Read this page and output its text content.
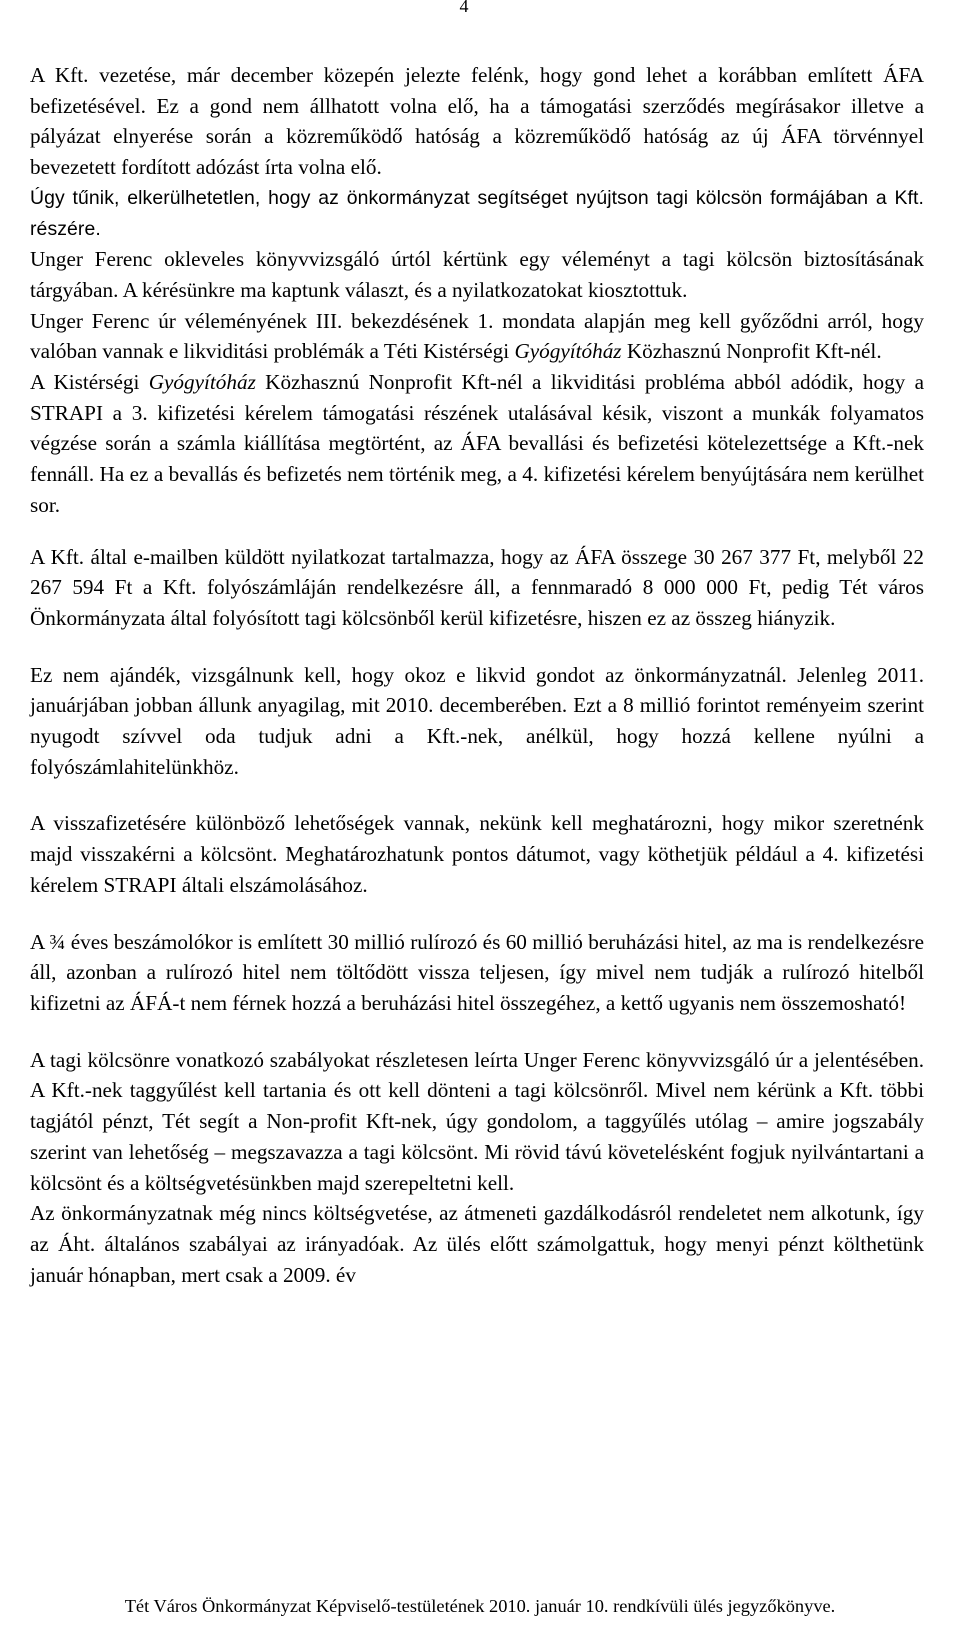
4

A Kft. vezetése, már december közepén jelezte felénk, hogy gond lehet a korábban említett ÁFA befizetésével. Ez a gond nem állhatott volna elő, ha a támogatási szerződés megírásakor illetve a pályázat elnyerése során a közreműködő hatóság a közreműködő hatóság az új ÁFA törvénnyel bevezetett fordított adózást írta volna elő.

Úgy tűnik, elkerülhetetlen, hogy az önkormányzat segítséget nyújtson tagi kölcsön formájában a Kft. részére.

Unger Ferenc okleveles könyvvizsgáló úrtól kértünk egy véleményt a tagi kölcsön biztosításának tárgyában. A kérésünkre ma kaptunk választ, és a nyilatkozatokat kiosztottuk.

Unger Ferenc úr véleményének III. bekezdésének 1. mondata alapján meg kell győződni arról, hogy valóban vannak e likviditási problémák a Téti Kistérségi Gyógyítóház Közhasznú Nonprofit Kft-nél.

A Kistérségi Gyógyítóház Közhasznú Nonprofit Kft-nél a likviditási probléma abból adódik, hogy a STRAPI a 3. kifizetési kérelem támogatási részének utalásával késik, viszont a munkák folyamatos végzése során a számla kiállítása megtörtént, az ÁFA bevallási és befizetési kötelezettsége a Kft.-nek fennáll. Ha ez a bevallás és befizetés nem történik meg, a 4. kifizetési kérelem benyújtására nem kerülhet sor.

A Kft. által e-mailben küldött nyilatkozat tartalmazza, hogy az ÁFA összege 30 267 377 Ft, melyből 22 267 594 Ft a Kft. folyószámláján rendelkezésre áll, a fennmaradó 8 000 000 Ft, pedig Tét város Önkormányzata által folyósított tagi kölcsönből kerül kifizetésre, hiszen ez az összeg hiányzik.

Ez nem ajándék, vizsgálnunk kell, hogy okoz e likvid gondot az önkormányzatnál. Jelenleg 2011. januárjában jobban állunk anyagilag, mit 2010. decemberében. Ezt a 8 millió forintot reményeim szerint nyugodt szívvel oda tudjuk adni a Kft.-nek, anélkül, hogy hozzá kellene nyúlni a folyószámlahitelünkhöz.

A visszafizetésére különböző lehetőségek vannak, nekünk kell meghatározni, hogy mikor szeretnénk majd visszakérni a kölcsönt. Meghatározhatunk pontos dátumot, vagy köthetjük például a 4. kifizetési kérelem STRAPI általi elszámolásához.

A ¾ éves beszámolókor is említett 30 millió rulírozó és 60 millió beruházási hitel, az ma is rendelkezésre áll, azonban a rulírozó hitel nem töltődött vissza teljesen, így mivel nem tudják a rulírozó hitelből kifizetni az ÁFÁ-t nem férnek hozzá a beruházási hitel összegéhez, a kettő ugyanis nem összemosható!

A tagi kölcsönre vonatkozó szabályokat részletesen leírta Unger Ferenc könyvvizsgáló úr a jelentésében. A Kft.-nek taggyűlést kell tartania és ott kell dönteni a tagi kölcsönről. Mivel nem kérünk a Kft. többi tagjától pénzt, Tét segít a Non-profit Kft-nek, úgy gondolom, a taggyűlés utólag – amire jogszabály szerint van lehetőség – megszavazza a tagi kölcsönt. Mi rövid távú követelésként fogjuk nyilvántartani a kölcsönt és a költségvetésünkben majd szerepeltetni kell.

Az önkormányzatnak még nincs költségvetése, az átmeneti gazdálkodásról rendeletet nem alkotunk, így az Áht. általános szabályai az irányadóak. Az ülés előtt számolgattuk, hogy menyi pénzt költhetünk január hónapban, mert csak a 2009. év

Tét Város Önkormányzat Képviselő-testületének 2010. január 10. rendkívüli ülés jegyzőkönyve.
